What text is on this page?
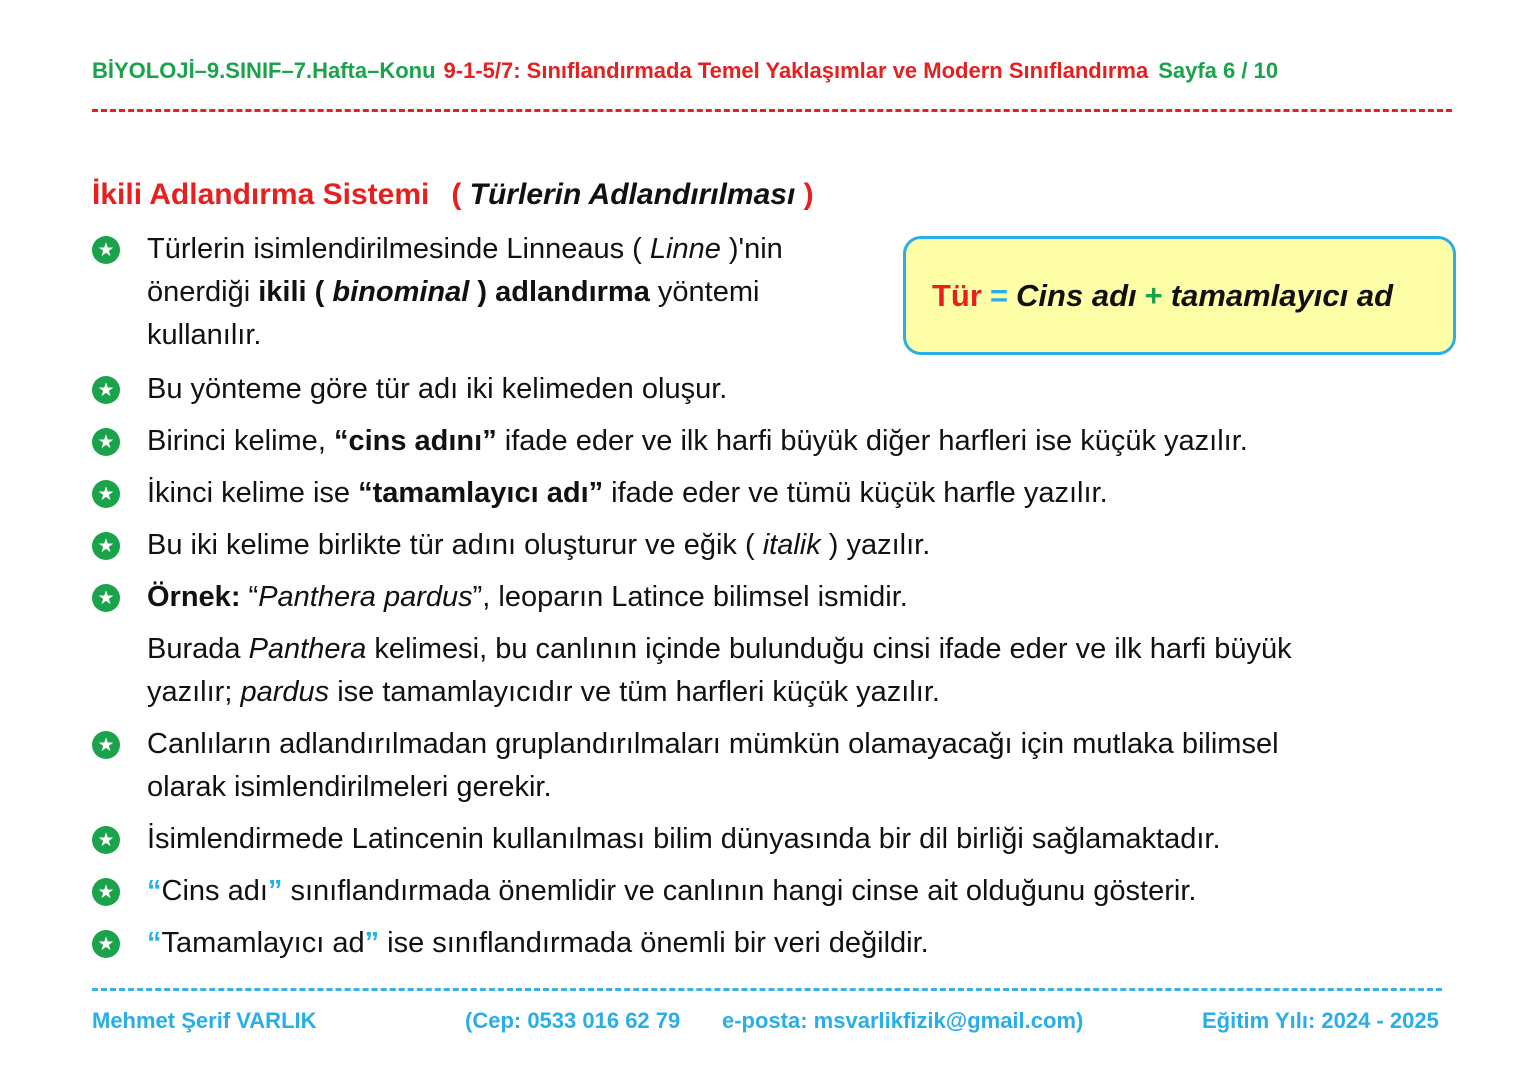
BİYOLOJİ–9.SINIF–7.Hafta–Konu 9-1-5/7: Sınıflandırmada Temel Yaklaşımlar ve Modern Sınıflandırma Sayfa 6 / 10
İkili Adlandırma Sistemi ( Türlerin Adlandırılması )
Tür = Cins adı + tamamlayıcı ad
★ Türlerin isimlendirilmesinde Linneaus ( Linne )'nin
önerdiği ikili ( binominal ) adlandırma yöntemi
kullanılır.
★ Bu yönteme göre tür adı iki kelimeden oluşur.
★ Birinci kelime, “cins adını” ifade eder ve ilk harfi büyük diğer harfleri ise küçük yazılır.
★ İkinci kelime ise “tamamlayıcı adı” ifade eder ve tümü küçük harfle yazılır.
★ Bu iki kelime birlikte tür adını oluşturur ve eğik ( italik ) yazılır.
★ Örnek: “Panthera pardus”, leoparın Latince bilimsel ismidir.
Burada Panthera kelimesi, bu canlının içinde bulunduğu cinsi ifade eder ve ilk harfi büyük
yazılır; pardus ise tamamlayıcıdır ve tüm harfleri küçük yazılır.
★ Canlıların adlandırılmadan gruplandırılmaları mümkün olamayacağı için mutlaka bilimsel
olarak isimlendirilmeleri gerekir.
★ İsimlendirmede Latincenin kullanılması bilim dünyasında bir dil birliği sağlamaktadır.
★ “Cins adı” sınıflandırmada önemlidir ve canlının hangi cinse ait olduğunu gösterir.
★ “Tamamlayıcı ad” ise sınıflandırmada önemli bir veri değildir.
Mehmet Şerif VARLIK	(Cep: 0533 016 62 79 e-posta: msvarlikfizik@gmail.com)	Eğitim Yılı: 2024 - 2025
